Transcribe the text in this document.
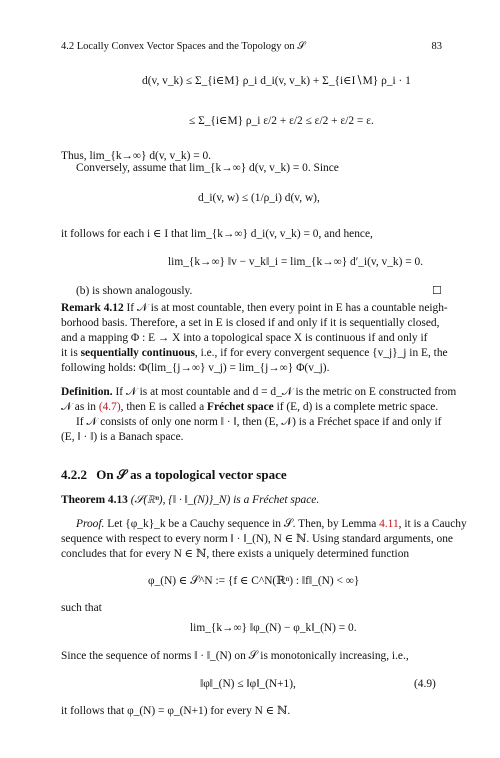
4.2 Locally Convex Vector Spaces and the Topology on 𝒮	83
d(v, v_k) ≤ Σ_{i∈M} ρ_i d_i(v, v_k) + Σ_{i∈I∖M} ρ_i · 1
≤ Σ_{i∈M} ρ_i ε/2 + ε/2 ≤ ε/2 + ε/2 = ε.
Thus, lim_{k→∞} d(v, v_k) = 0.
Conversely, assume that lim_{k→∞} d(v, v_k) = 0. Since
d_i(v, w) ≤ (1/ρ_i) d(v, w),
it follows for each i ∈ I that lim_{k→∞} d_i(v, v_k) = 0, and hence,
lim_{k→∞} ‖v − v_k‖_i = lim_{k→∞} d′_i(v, v_k) = 0.
(b) is shown analogously.	☐
Remark 4.12 If 𝒩 is at most countable, then every point in E has a countable neigh-
borhood basis. Therefore, a set in E is closed if and only if it is sequentially closed,
and a mapping Φ : E → X into a topological space X is continuous if and only if
it is sequentially continuous, i.e., if for every convergent sequence {v_j}_j in E, the
following holds: Φ(lim_{j→∞} v_j) = lim_{j→∞} Φ(v_j).
Definition. If 𝒩 is at most countable and d = d_𝒩 is the metric on E constructed from
𝒩 as in (4.7), then E is called a Fréchet space if (E, d) is a complete metric space.
If 𝒩 consists of only one norm ‖ · ‖, then (E, 𝒩) is a Fréchet space if and only if
(E, ‖ · ‖) is a Banach space.
4.2.2 On 𝒮 as a topological vector space
Theorem 4.13 (𝒮(ℝⁿ), {‖ · ‖_(N)}_N) is a Fréchet space.
Proof. Let {φ_k}_k be a Cauchy sequence in 𝒮. Then, by Lemma 4.11, it is a Cauchy
sequence with respect to every norm ‖ · ‖_(N), N ∈ ℕ. Using standard arguments, one
concludes that for every N ∈ ℕ, there exists a uniquely determined function
φ_(N) ∈ 𝒮^N := {f ∈ C^N(ℝⁿ) : ‖f‖_(N) < ∞}
such that
lim_{k→∞} ‖φ_(N) − φ_k‖_(N) = 0.
Since the sequence of norms ‖ · ‖_(N) on 𝒮 is monotonically increasing, i.e.,
‖φ‖_(N) ≤ ‖φ‖_(N+1),	(4.9)
it follows that φ_(N) = φ_(N+1) for every N ∈ ℕ.
